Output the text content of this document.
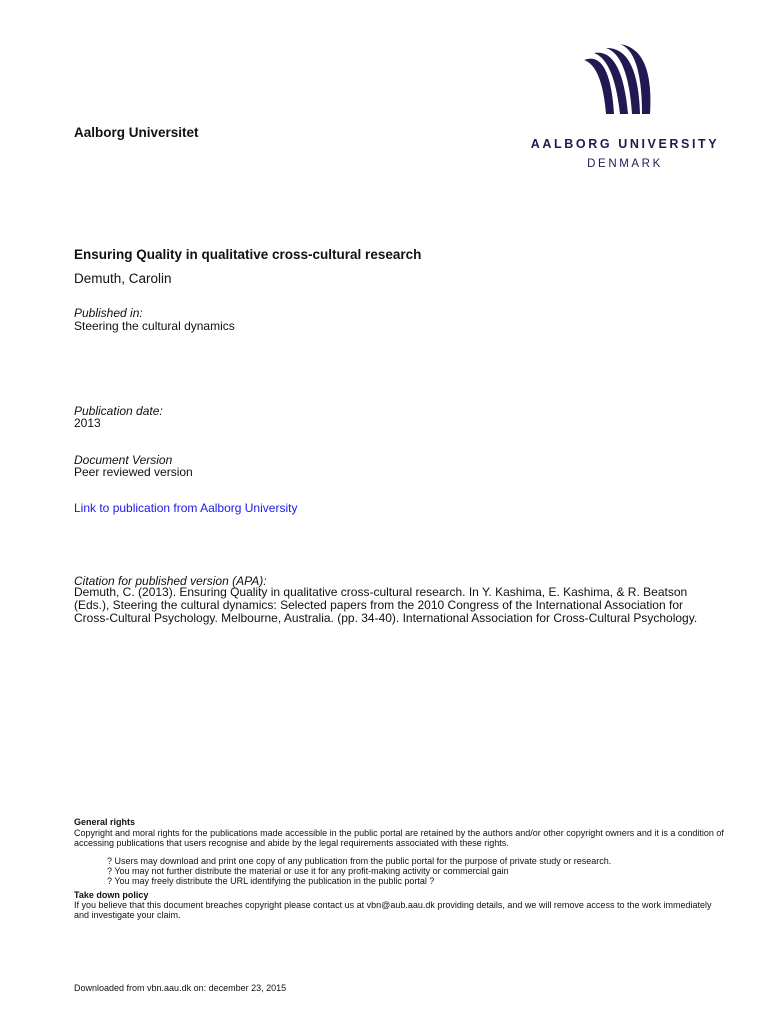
Aalborg Universitet
AALBORG UNIVERSITY
DENMARK
Ensuring Quality in qualitative cross-cultural research
Demuth, Carolin
Published in:
Steering the cultural dynamics
Publication date:
2013
Document Version
Peer reviewed version
Link to publication from Aalborg University
Citation for published version (APA):
Demuth, C. (2013). Ensuring Quality in qualitative cross-cultural research. In Y. Kashima, E. Kashima, & R. Beatson (Eds.), Steering the cultural dynamics: Selected papers from the 2010 Congress of the International Association for Cross-Cultural Psychology. Melbourne, Australia. (pp. 34-40). International Association for Cross-Cultural Psychology.
General rights
Copyright and moral rights for the publications made accessible in the public portal are retained by the authors and/or other copyright owners and it is a condition of accessing publications that users recognise and abide by the legal requirements associated with these rights.
? Users may download and print one copy of any publication from the public portal for the purpose of private study or research.
? You may not further distribute the material or use it for any profit-making activity or commercial gain
? You may freely distribute the URL identifying the publication in the public portal ?
Take down policy
If you believe that this document breaches copyright please contact us at vbn@aub.aau.dk providing details, and we will remove access to the work immediately and investigate your claim.
Downloaded from vbn.aau.dk on: december 23, 2015
